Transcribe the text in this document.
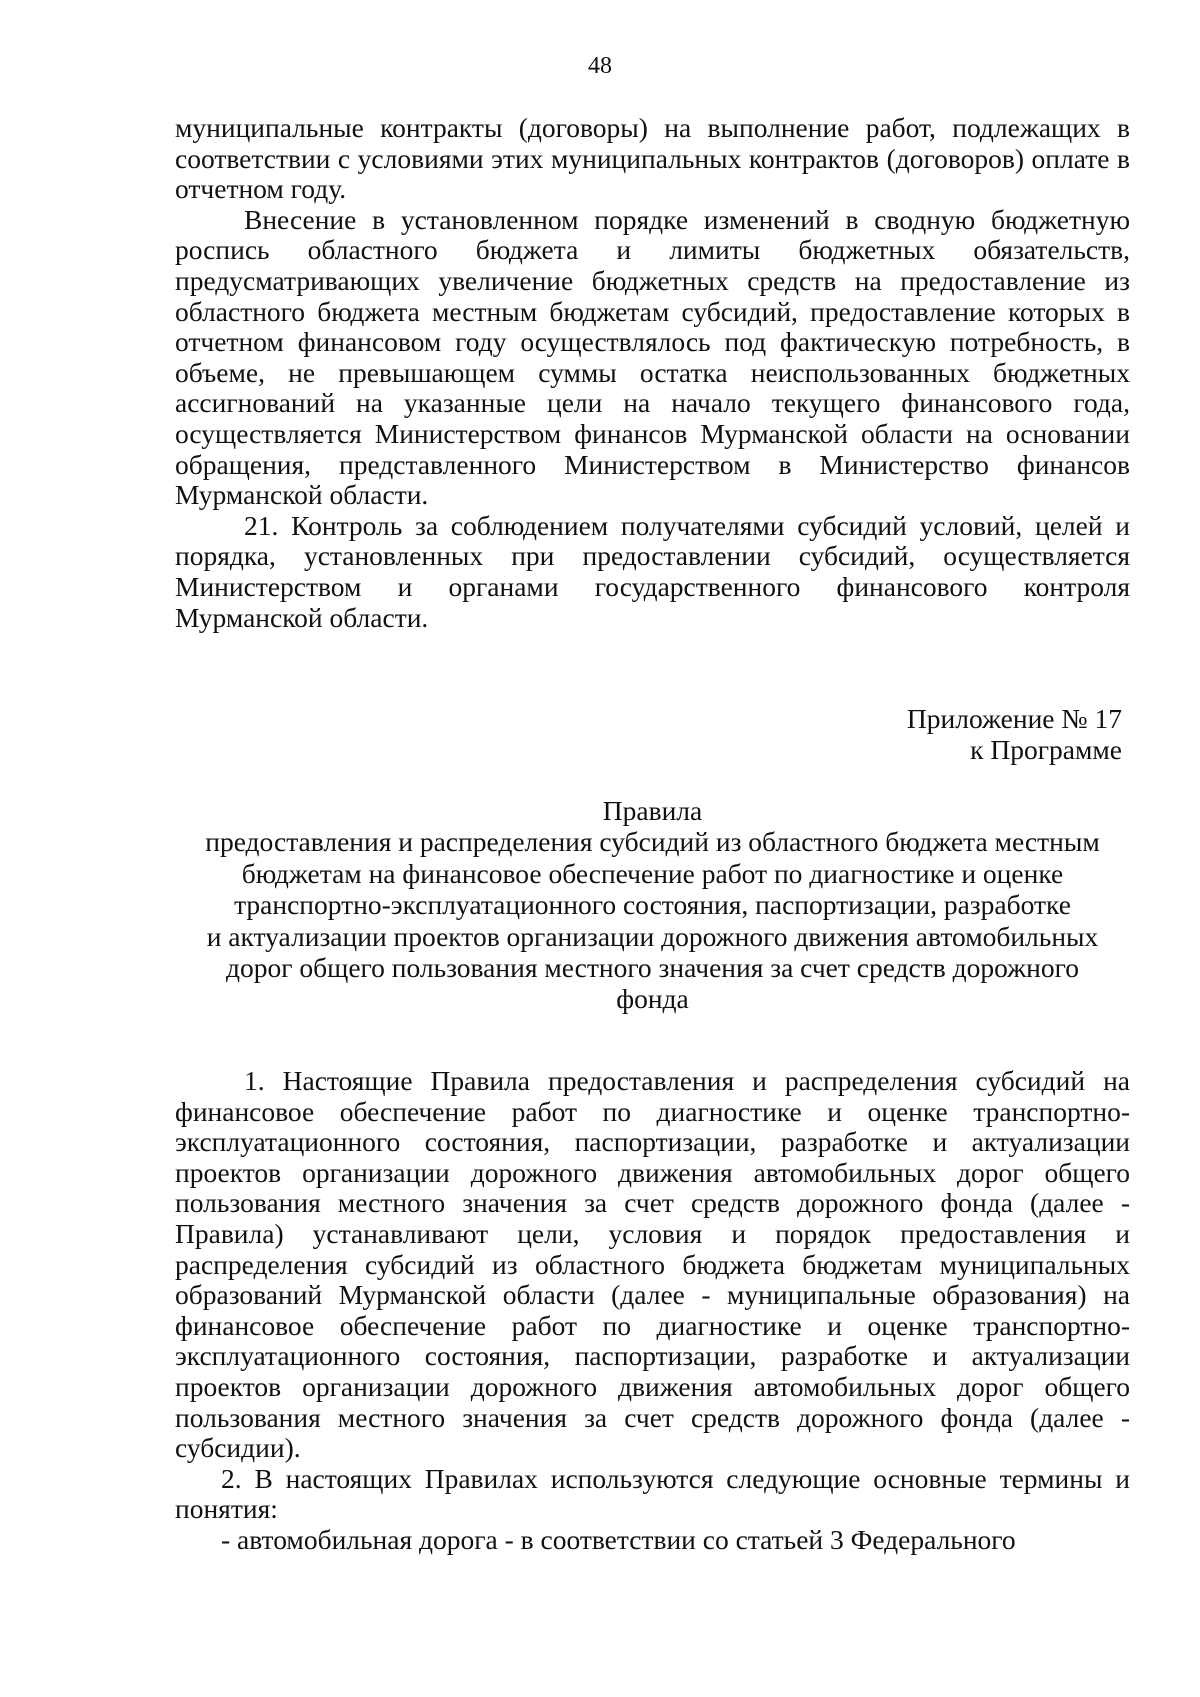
48

муниципальные контракты (договоры) на выполнение работ, подлежащих в соответствии с условиями этих муниципальных контрактов (договоров) оплате в отчетном году.

Внесение в установленном порядке изменений в сводную бюджетную роспись областного бюджета и лимиты бюджетных обязательств, предусматривающих увеличение бюджетных средств на предоставление из областного бюджета местным бюджетам субсидий, предоставление которых в отчетном финансовом году осуществлялось под фактическую потребность, в объеме, не превышающем суммы остатка неиспользованных бюджетных ассигнований на указанные цели на начало текущего финансового года, осуществляется Министерством финансов Мурманской области на основании обращения, представленного Министерством в Министерство финансов Мурманской области.

21. Контроль за соблюдением получателями субсидий условий, целей и порядка, установленных при предоставлении субсидий, осуществляется Министерством и органами государственного финансового контроля Мурманской области.

Приложение № 17
к Программе
Правила
предоставления и распределения субсидий из областного бюджета местным
бюджетам на финансовое обеспечение работ по диагностике и оценке
транспортно-эксплуатационного состояния, паспортизации, разработке
и актуализации проектов организации дорожного движения автомобильных
дорог общего пользования местного значения за счет средств дорожного
фонда

1. Настоящие Правила предоставления и распределения субсидий на финансовое обеспечение работ по диагностике и оценке транспортно-эксплуатационного состояния, паспортизации, разработке и актуализации проектов организации дорожного движения автомобильных дорог общего пользования местного значения за счет средств дорожного фонда (далее - Правила) устанавливают цели, условия и порядок предоставления и распределения субсидий из областного бюджета бюджетам муниципальных образований Мурманской области (далее - муниципальные образования) на финансовое обеспечение работ по диагностике и оценке транспортно-эксплуатационного состояния, паспортизации, разработке и актуализации проектов организации дорожного движения автомобильных дорог общего пользования местного значения за счет средств дорожного фонда (далее - субсидии).

2. В настоящих Правилах используются следующие основные термины и понятия:

- автомобильная дорога - в соответствии со статьей 3 Федерального
